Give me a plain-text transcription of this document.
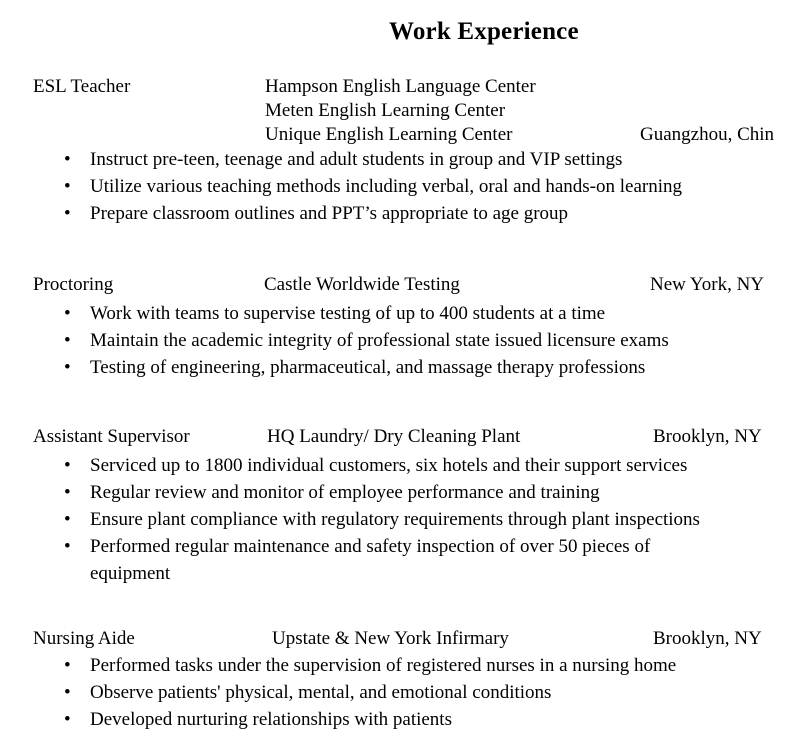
Work Experience
ESL Teacher	Hampson English Language Center
Meten English Learning Center
Unique English Learning Center	Guangzhou, Chin
• Instruct pre-teen, teenage and adult students in group and VIP settings
• Utilize various teaching methods including verbal, oral and hands-on learning
• Prepare classroom outlines and PPT’s appropriate to age group
Proctoring	Castle Worldwide Testing	New York, NY
• Work with teams to supervise testing of up to 400 students at a time
• Maintain the academic integrity of professional state issued licensure exams
• Testing of engineering, pharmaceutical, and massage therapy professions
Assistant Supervisor	HQ Laundry/ Dry Cleaning Plant	Brooklyn, NY
• Serviced up to 1800 individual customers, six hotels and their support services
• Regular review and monitor of employee performance and training
• Ensure plant compliance with regulatory requirements through plant inspections
• Performed regular maintenance and safety inspection of over 50 pieces of equipment
Nursing Aide	Upstate & New York Infirmary	Brooklyn, NY
• Performed tasks under the supervision of registered nurses in a nursing home
• Observe patients' physical, mental, and emotional conditions
• Developed nurturing relationships with patients
